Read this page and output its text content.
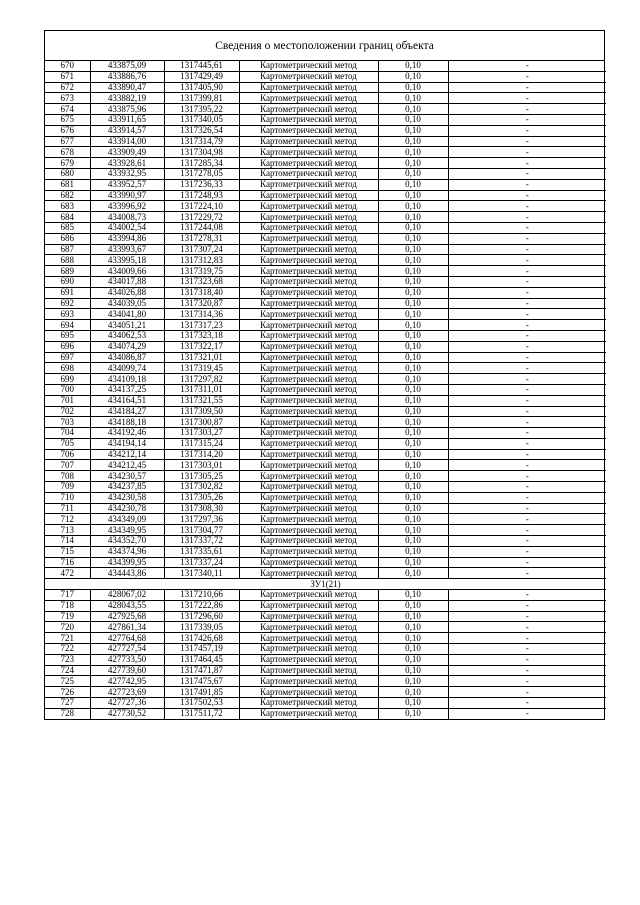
Сведения о местоположении границ объекта
670	433875,09	1317445,61	Картометрический метод	0,10	-
671	433886,76	1317429,49	Картометрический метод	0,10	-
672	433890,47	1317405,90	Картометрический метод	0,10	-
673	433882,19	1317399,81	Картометрический метод	0,10	-
674	433875,96	1317395,22	Картометрический метод	0,10	-
675	433911,65	1317340,05	Картометрический метод	0,10	-
676	433914,57	1317326,54	Картометрический метод	0,10	-
677	433914,00	1317314,79	Картометрический метод	0,10	-
678	433909,49	1317304,98	Картометрический метод	0,10	-
679	433928,61	1317285,34	Картометрический метод	0,10	-
680	433932,95	1317278,05	Картометрический метод	0,10	-
681	433952,57	1317236,33	Картометрический метод	0,10	-
682	433990,97	1317248,93	Картометрический метод	0,10	-
683	433996,92	1317224,10	Картометрический метод	0,10	-
684	434008,73	1317229,72	Картометрический метод	0,10	-
685	434002,54	1317244,08	Картометрический метод	0,10	-
686	433994,86	1317278,31	Картометрический метод	0,10	-
687	433993,67	1317307,24	Картометрический метод	0,10	-
688	433995,18	1317312,83	Картометрический метод	0,10	-
689	434009,66	1317319,75	Картометрический метод	0,10	-
690	434017,88	1317323,68	Картометрический метод	0,10	-
691	434026,88	1317318,40	Картометрический метод	0,10	-
692	434039,05	1317320,87	Картометрический метод	0,10	-
693	434041,80	1317314,36	Картометрический метод	0,10	-
694	434051,21	1317317,23	Картометрический метод	0,10	-
695	434062,53	1317323,18	Картометрический метод	0,10	-
696	434074,29	1317322,17	Картометрический метод	0,10	-
697	434086,87	1317321,01	Картометрический метод	0,10	-
698	434099,74	1317319,45	Картометрический метод	0,10	-
699	434109,18	1317297,82	Картометрический метод	0,10	-
700	434137,25	1317311,01	Картометрический метод	0,10	-
701	434164,51	1317321,55	Картометрический метод	0,10	-
702	434184,27	1317309,50	Картометрический метод	0,10	-
703	434188,18	1317300,87	Картометрический метод	0,10	-
704	434192,46	1317303,27	Картометрический метод	0,10	-
705	434194,14	1317315,24	Картометрический метод	0,10	-
706	434212,14	1317314,20	Картометрический метод	0,10	-
707	434212,45	1317303,01	Картометрический метод	0,10	-
708	434230,57	1317305,25	Картометрический метод	0,10	-
709	434237,85	1317302,82	Картометрический метод	0,10	-
710	434230,58	1317305,26	Картометрический метод	0,10	-
711	434230,78	1317308,30	Картометрический метод	0,10	-
712	434349,09	1317297,36	Картометрический метод	0,10	-
713	434349,95	1317304,77	Картометрический метод	0,10	-
714	434352,70	1317337,72	Картометрический метод	0,10	-
715	434374,96	1317335,61	Картометрический метод	0,10	-
716	434399,95	1317337,24	Картометрический метод	0,10	-
472	434443,86	1317340,11	Картометрический метод	0,10	-
ЗУ1(21)					
717	428067,02	1317210,66	Картометрический метод	0,10	-
718	428043,55	1317222,86	Картометрический метод	0,10	-
719	427925,68	1317296,60	Картометрический метод	0,10	-
720	427861,34	1317339,05	Картометрический метод	0,10	-
721	427764,68	1317426,68	Картометрический метод	0,10	-
722	427727,54	1317457,19	Картометрический метод	0,10	-
723	427733,50	1317464,45	Картометрический метод	0,10	-
724	427739,60	1317471,87	Картометрический метод	0,10	-
725	427742,95	1317475,67	Картометрический метод	0,10	-
726	427723,69	1317491,85	Картометрический метод	0,10	-
727	427727,36	1317502,53	Картометрический метод	0,10	-
728	427730,52	1317511,72	Картометрический метод	0,10	-
